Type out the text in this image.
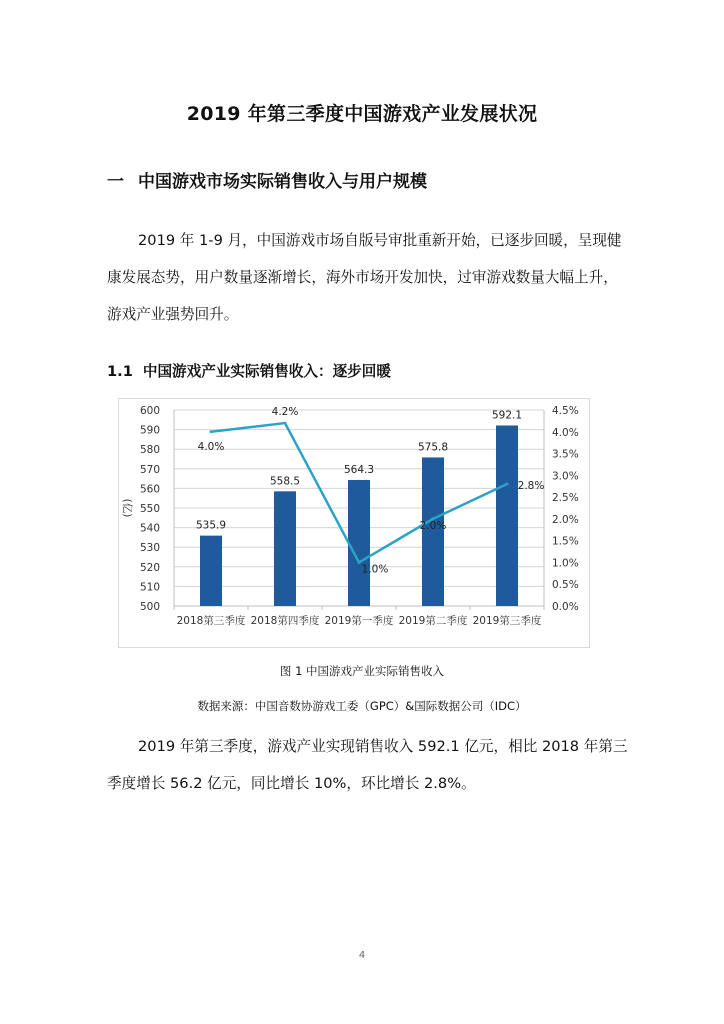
2019 年第三季度中国游戏产业发展状况
一 中国游戏市场实际销售收入与用户规模
2019 年 1-9 月，中国游戏市场自版号审批重新开始，已逐步回暖，呈现健
康发展态势，用户数量逐渐增长，海外市场开发加快，过审游戏数量大幅上升，
游戏产业强势回升。
1.1 中国游戏产业实际销售收入：逐步回暖
500
510
520
530
540
550
560
570
580
590
600
0.0%
0.5%
1.0%
1.5%
2.0%
2.5%
3.0%
3.5%
4.0%
4.5%
(亿)
535.9
2018第三季度
558.5
2018第四季度
564.3
2019第一季度
575.8
2019第二季度
592.1
2019第三季度
4.0%
4.2%
1.0%
2.0%
2.8%
图 1 中国游戏产业实际销售收入
数据来源：中国音数协游戏工委（GPC）&国际数据公司（IDC）
2019 年第三季度，游戏产业实现销售收入 592.1 亿元，相比 2018 年第三
季度增长 56.2 亿元，同比增长 10%，环比增长 2.8%。
4
